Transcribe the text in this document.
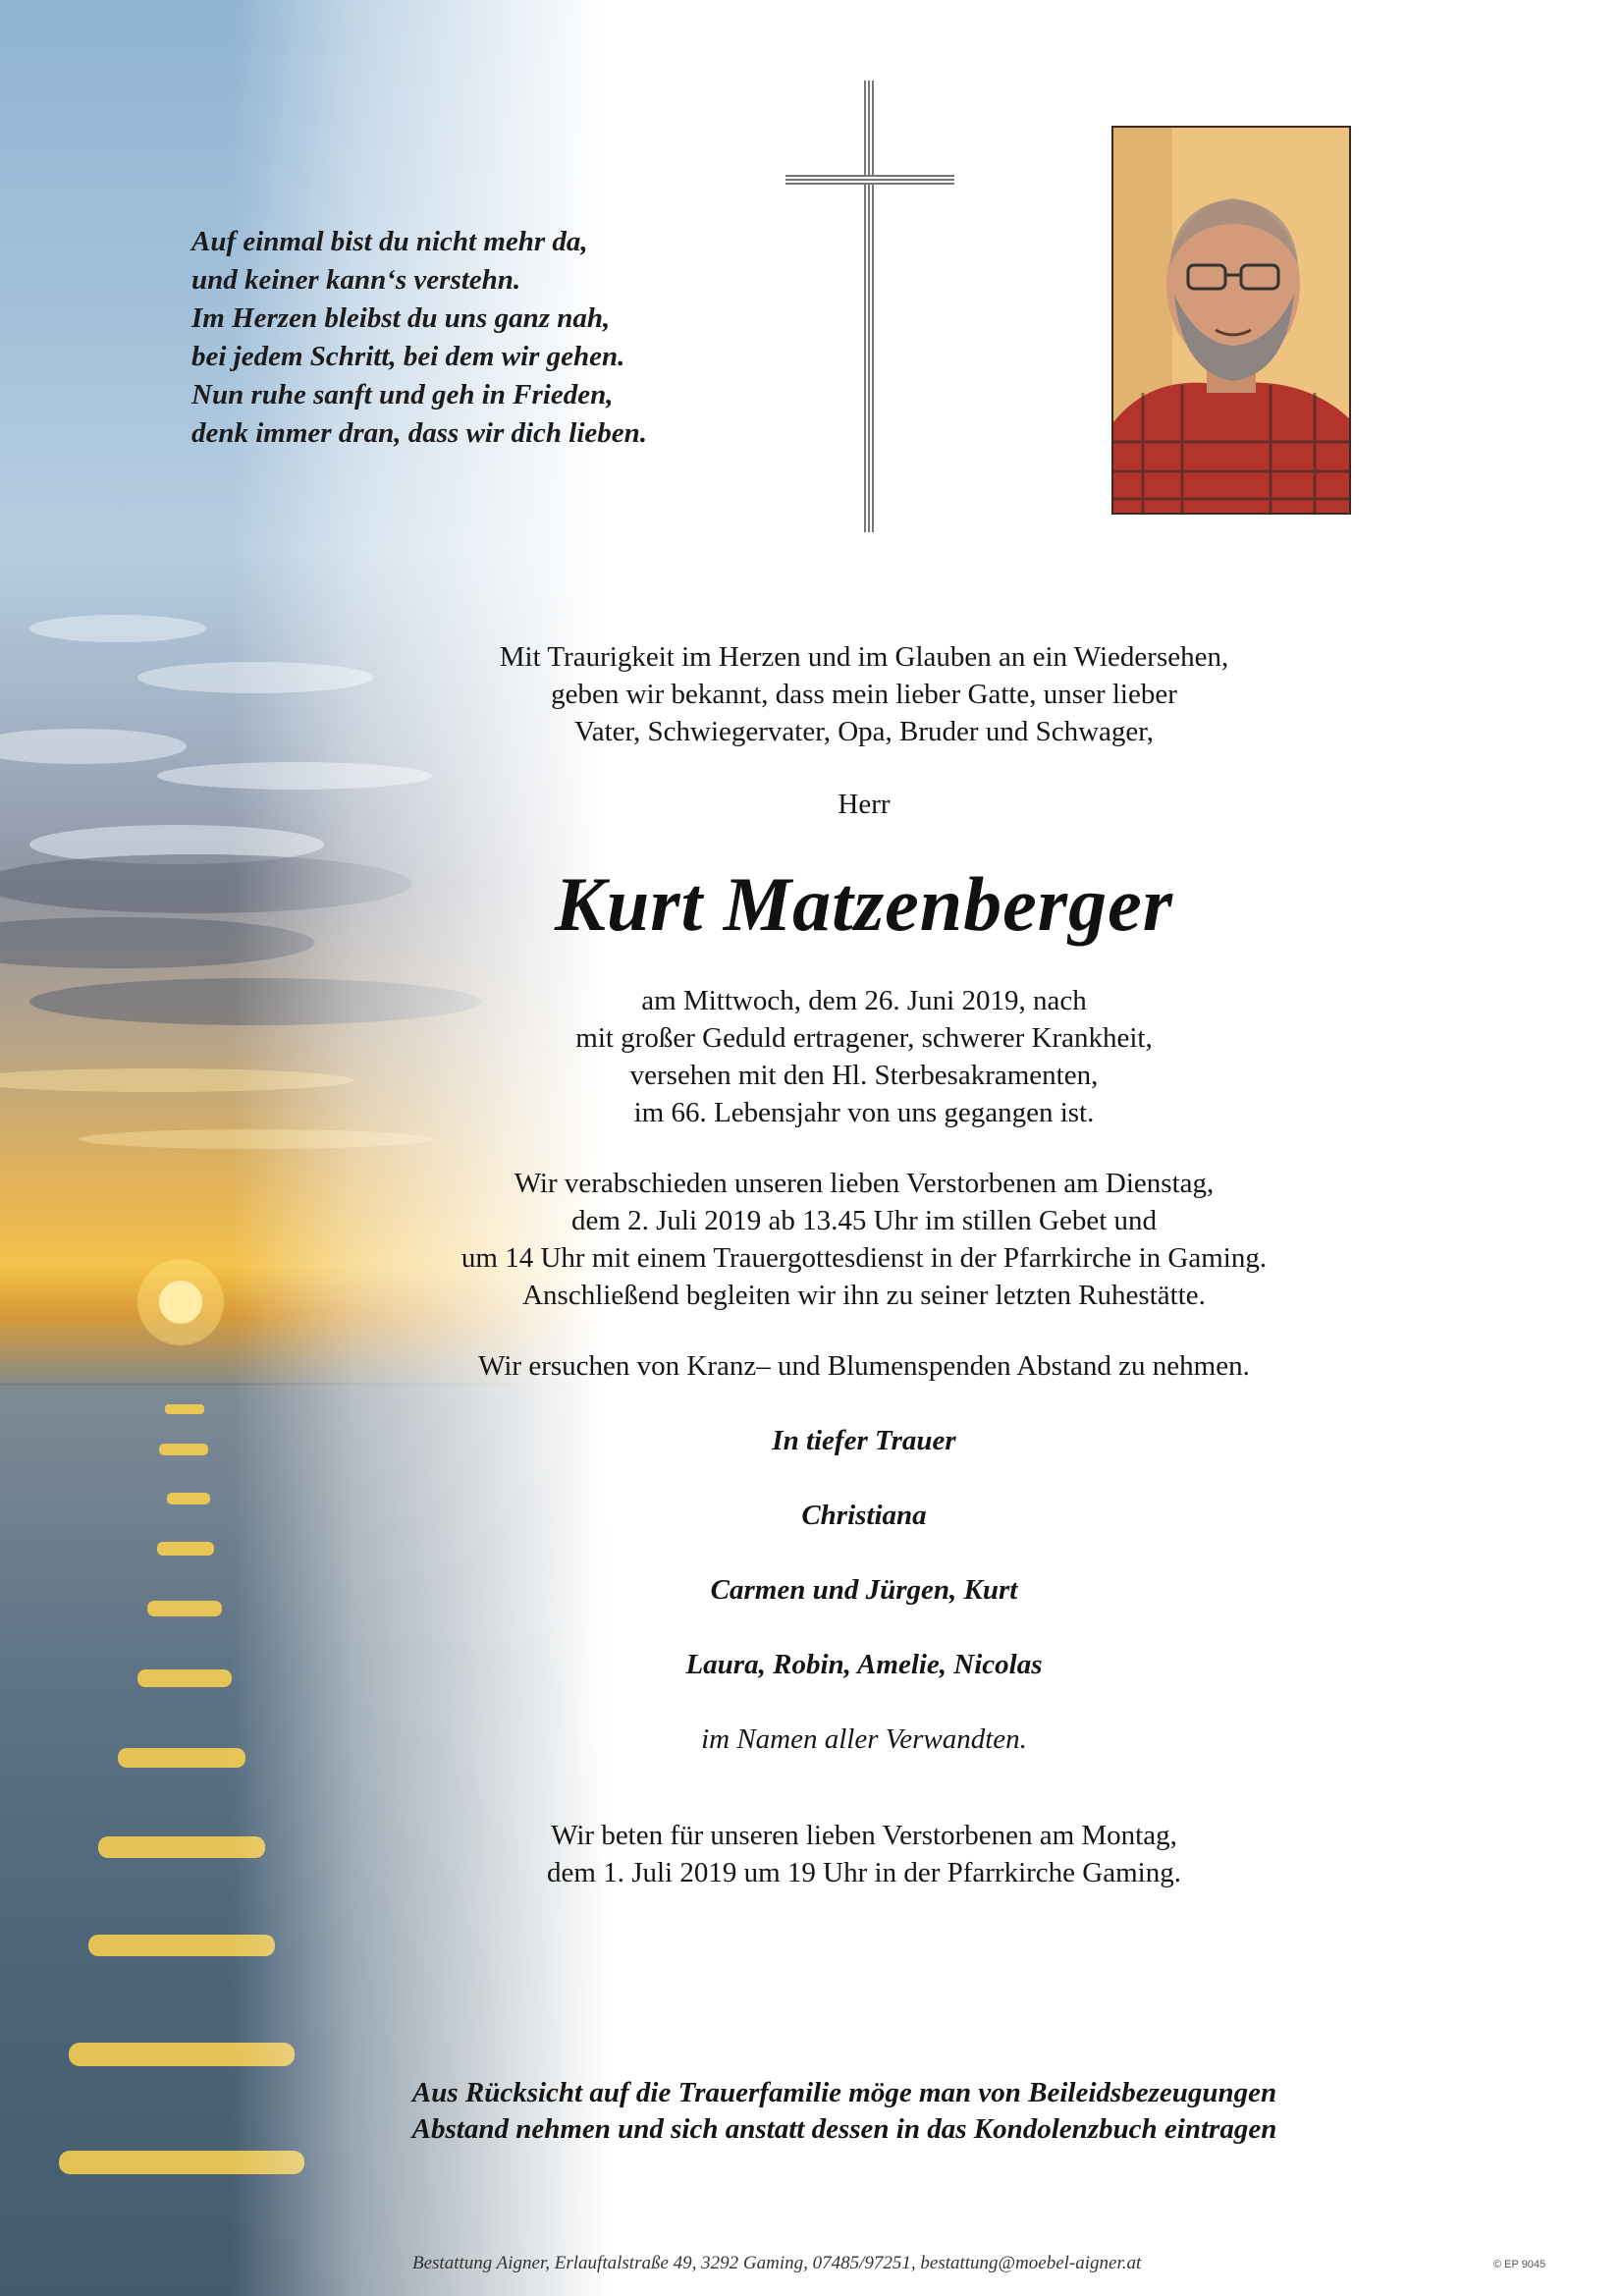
Auf einmal bist du nicht mehr da,
und keiner kann‘s verstehn.
Im Herzen bleibst du uns ganz nah,
bei jedem Schritt, bei dem wir gehen.
Nun ruhe sanft und geh in Frieden,
denk immer dran, dass wir dich lieben.
Mit Traurigkeit im Herzen und im Glauben an ein Wiedersehen,
geben wir bekannt, dass mein lieber Gatte, unser lieber
Vater, Schwiegervater, Opa, Bruder und Schwager,

Herr

Kurt Matzenberger

am Mittwoch, dem 26. Juni 2019, nach
mit großer Geduld ertragener, schwerer Krankheit,
versehen mit den Hl. Sterbesakramenten,
im 66. Lebensjahr von uns gegangen ist.
Wir verabschieden unseren lieben Verstorbenen am Dienstag,
dem 2. Juli 2019 ab 13.45 Uhr im stillen Gebet und
um 14 Uhr mit einem Trauergottesdienst in der Pfarrkirche in Gaming.
Anschließend begleiten wir ihn zu seiner letzten Ruhestätte.

Wir ersuchen von Kranz– und Blumenspenden Abstand zu nehmen.

In tiefer Trauer
Christiana
Carmen und Jürgen, Kurt
Laura, Robin, Amelie, Nicolas
im Namen aller Verwandten.
Wir beten für unseren lieben Verstorbenen am Montag,
dem 1. Juli 2019 um 19 Uhr in der Pfarrkirche Gaming.
Aus Rücksicht auf die Trauerfamilie möge man von Beileidsbezeugungen
Abstand nehmen und sich anstatt dessen in das Kondolenzbuch eintragen
Bestattung Aigner, Erlauftalstraße 49, 3292 Gaming, 07485/97251, bestattung@moebel-aigner.at	© EP 9045
